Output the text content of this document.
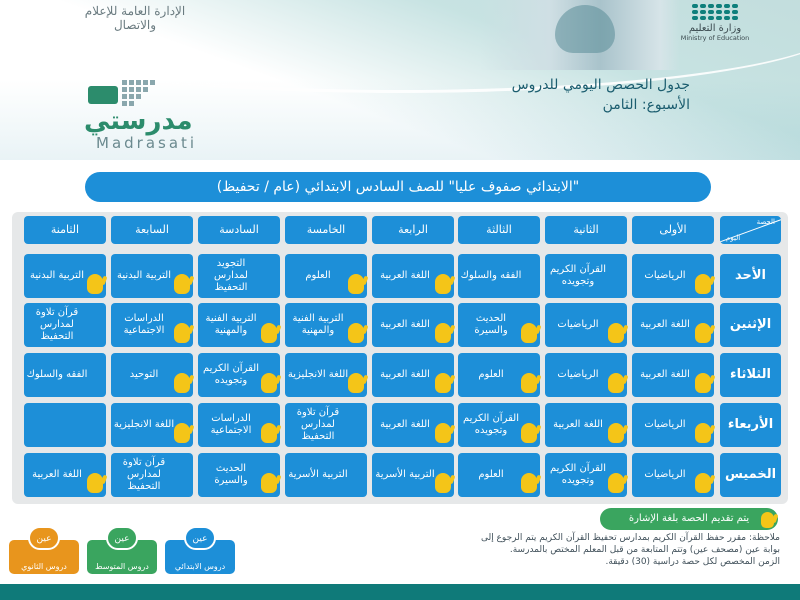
الإدارة العامة للإعلام والاتصال	وزارة التعليم
Ministry of Education
جدول الحصص اليومي للدروس
الأسبوع: الثامن
مدرستي
Madrasati
"الابتدائي صفوف عليا" للصف السادس الابتدائي (عام / تحفيظ)
الحصة
اليوم
الأولى
الثانية
الثالثة
الرابعة
الخامسة
السادسة
السابعة
الثامنة
الأحد
الرياضيات
القرآن الكريم وتجويده
الفقه والسلوك
اللغة العربية
العلوم
التجويد لمدارس التحفيظ
التربية البدنية
التربية البدنية
الإثنين
اللغة العربية
الرياضيات
الحديث والسيرة
اللغة العربية
التربية الفنية والمهنية
التربية الفنية والمهنية
الدراسات الاجتماعية
قرآن تلاوة لمدارس التحفيظ
الثلاثاء
اللغة العربية
الرياضيات
العلوم
اللغة العربية
اللغة الانجليزية
القرآن الكريم وتجويده
التوحيد
الفقه والسلوك
الأربعاء
الرياضيات
اللغة العربية
القرآن الكريم وتجويده
اللغة العربية
قرآن تلاوة لمدارس التحفيظ
الدراسات الاجتماعية
اللغة الانجليزية
الخميس
الرياضيات
القرآن الكريم وتجويده
العلوم
التربية الأسرية
التربية الأسرية
الحديث والسيرة
قرآن تلاوة لمدارس التحفيظ
اللغة العربية
يتم تقديم الحصة بلغة الإشارة
ملاحظة: مقرر حفظ القرآن الكريم بمدارس تحفيظ القرآن الكريم يتم الرجوع إلى
بوابة عين (مصحف عين) وتتم المتابعة من قبل المعلم المختص بالمدرسة.
الزمن المخصص لكل حصة دراسية (30) دقيقة.
عين
دروس الابتدائي
عين
دروس المتوسط
عين
دروس الثانوي
